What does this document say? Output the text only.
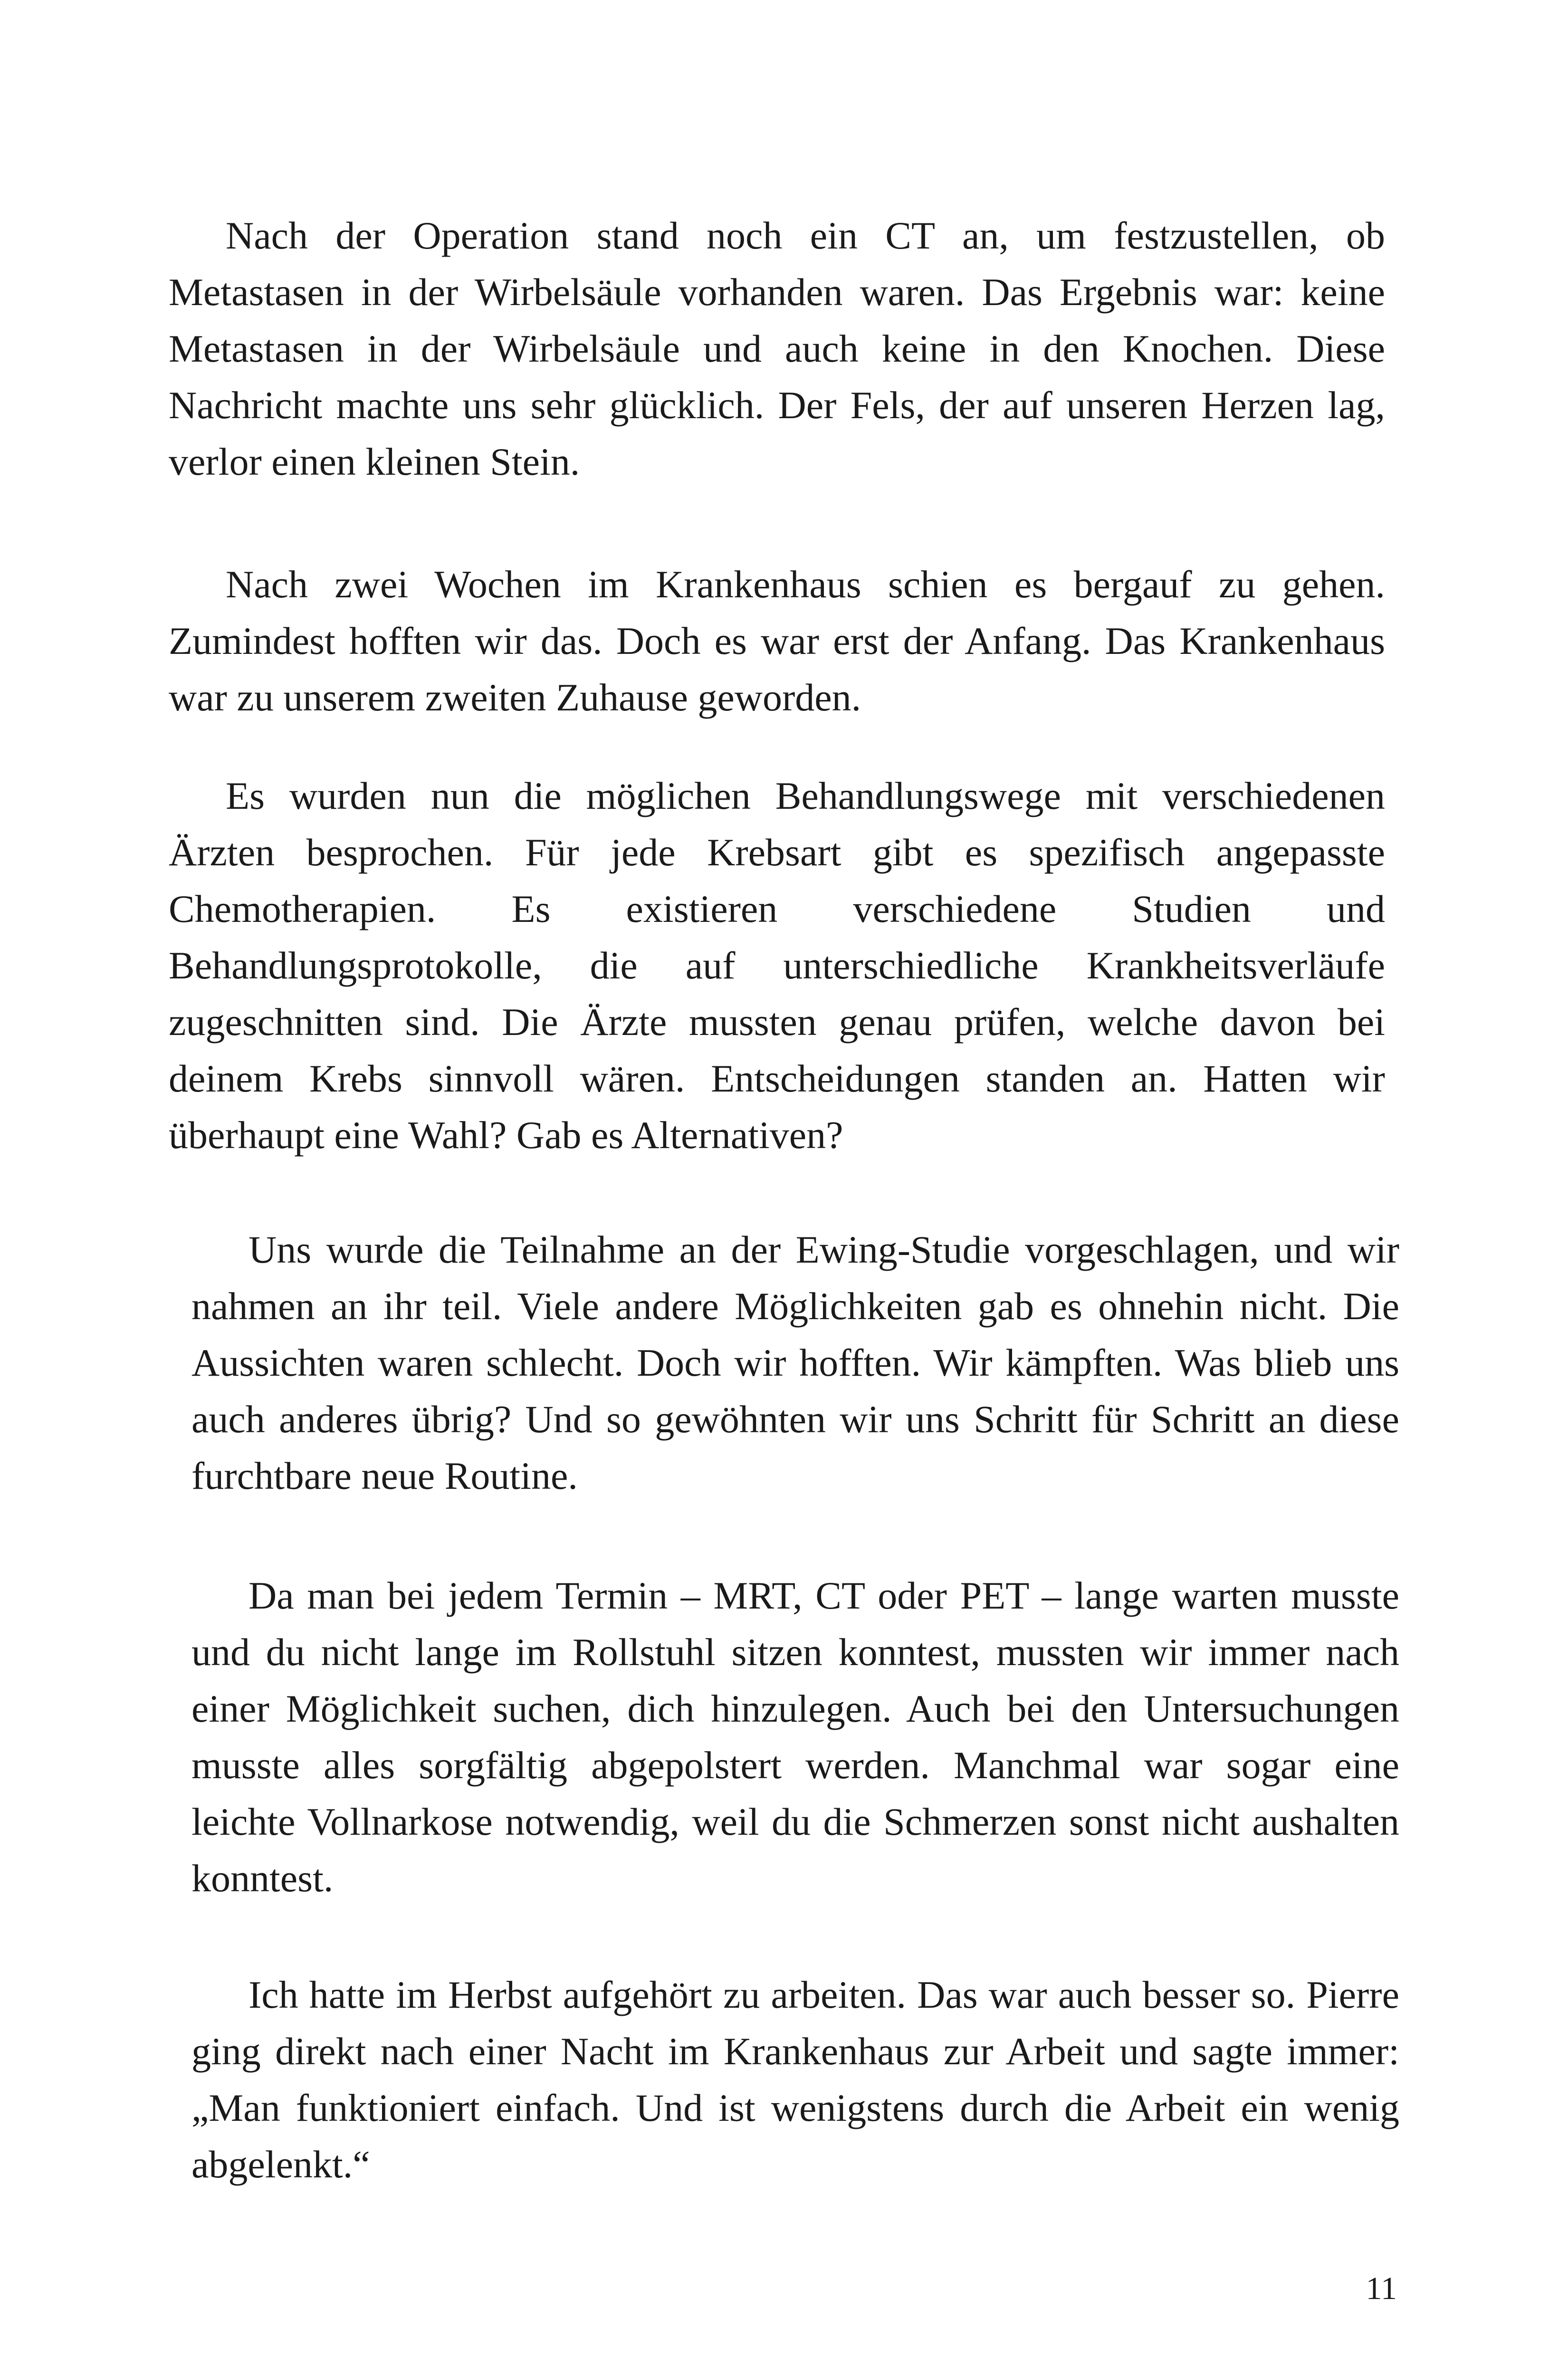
Nach der Operation stand noch ein CT an, um festzustellen, ob Metastasen in der Wirbelsäule vorhanden waren. Das Ergebnis war: keine Metastasen in der Wirbelsäule und auch keine in den Knochen. Diese Nachricht machte uns sehr glücklich. Der Fels, der auf unseren Herzen lag, verlor einen kleinen Stein.

Nach zwei Wochen im Krankenhaus schien es bergauf zu gehen. Zumindest hofften wir das. Doch es war erst der Anfang. Das Krankenhaus war zu unserem zweiten Zuhause geworden.

Es wurden nun die möglichen Behandlungswege mit verschiedenen Ärzten besprochen. Für jede Krebsart gibt es spezifisch angepasste Chemotherapien. Es existieren verschiedene Studien und Behandlungsprotokolle, die auf unterschiedliche Krankheitsverläufe zugeschnitten sind. Die Ärzte mussten genau prüfen, welche davon bei deinem Krebs sinnvoll wären. Entscheidungen standen an. Hatten wir überhaupt eine Wahl? Gab es Alternativen?

Uns wurde die Teilnahme an der Ewing-Studie vorgeschlagen, und wir nahmen an ihr teil. Viele andere Möglichkeiten gab es ohnehin nicht. Die Aussichten waren schlecht. Doch wir hofften. Wir kämpften. Was blieb uns auch anderes übrig? Und so gewöhnten wir uns Schritt für Schritt an diese furchtbare neue Routine.

Da man bei jedem Termin – MRT, CT oder PET – lange warten musste und du nicht lange im Rollstuhl sitzen konntest, mussten wir immer nach einer Möglichkeit suchen, dich hinzulegen. Auch bei den Untersuchungen musste alles sorgfältig abgepolstert werden. Manchmal war sogar eine leichte Vollnarkose notwendig, weil du die Schmerzen sonst nicht aushalten konntest.

Ich hatte im Herbst aufgehört zu arbeiten. Das war auch besser so. Pierre ging direkt nach einer Nacht im Krankenhaus zur Arbeit und sagte immer: „Man funktioniert einfach. Und ist wenigstens durch die Arbeit ein wenig abgelenkt.“

11
